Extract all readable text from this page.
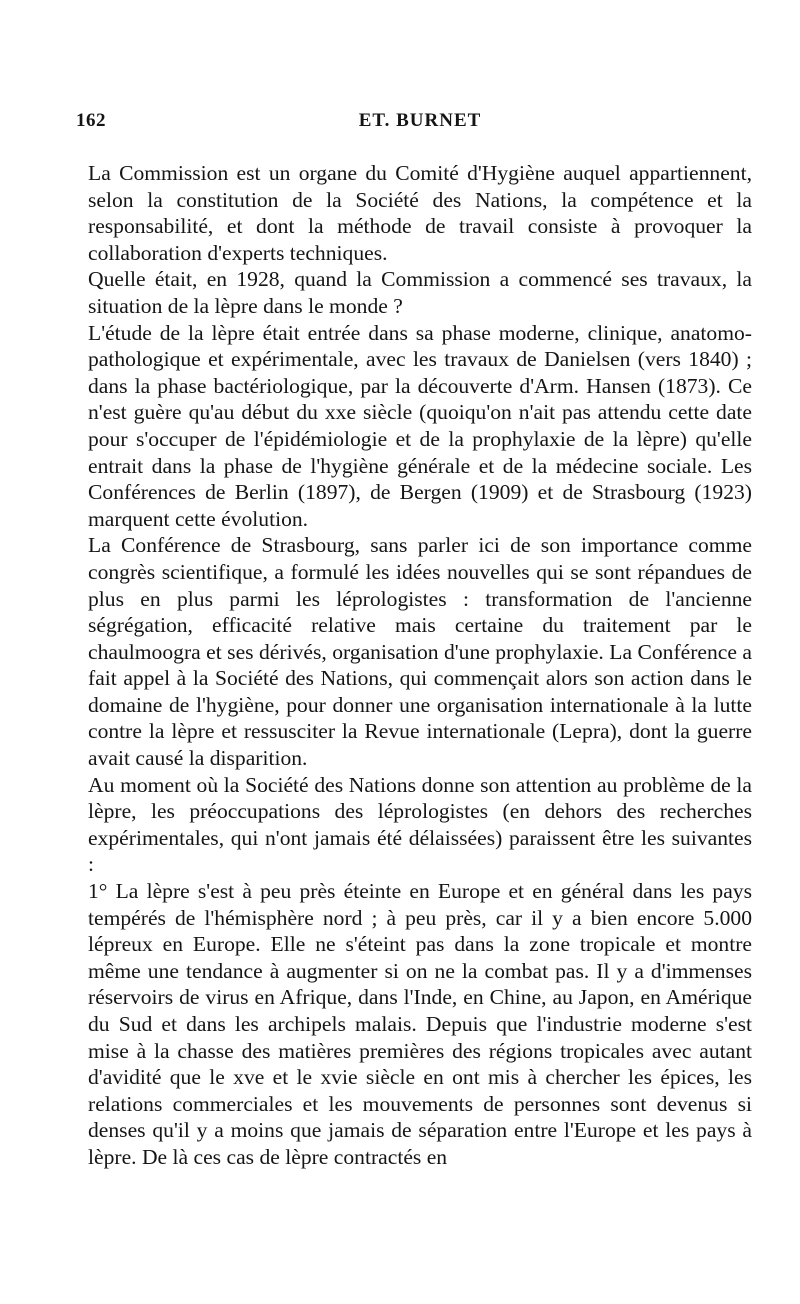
162	ET. BURNET

La Commission est un organe du Comité d'Hygiène auquel appartiennent, selon la constitution de la Société des Nations, la compétence et la responsabilité, et dont la méthode de travail consiste à provoquer la collaboration d'experts techniques.

Quelle était, en 1928, quand la Commission a commencé ses travaux, la situation de la lèpre dans le monde ?

L'étude de la lèpre était entrée dans sa phase moderne, clinique, anatomo-pathologique et expérimentale, avec les travaux de Danielsen (vers 1840) ; dans la phase bactériologique, par la découverte d'Arm. Hansen (1873). Ce n'est guère qu'au début du xxe siècle (quoiqu'on n'ait pas attendu cette date pour s'occuper de l'épidémiologie et de la prophylaxie de la lèpre) qu'elle entrait dans la phase de l'hygiène générale et de la médecine sociale. Les Conférences de Berlin (1897), de Bergen (1909) et de Strasbourg (1923) marquent cette évolution.

La Conférence de Strasbourg, sans parler ici de son importance comme congrès scientifique, a formulé les idées nouvelles qui se sont répandues de plus en plus parmi les léprologistes : transformation de l'ancienne ségrégation, efficacité relative mais certaine du traitement par le chaulmoogra et ses dérivés, organisation d'une prophylaxie. La Conférence a fait appel à la Société des Nations, qui commençait alors son action dans le domaine de l'hygiène, pour donner une organisation internationale à la lutte contre la lèpre et ressusciter la Revue internationale (Lepra), dont la guerre avait causé la disparition.

Au moment où la Société des Nations donne son attention au problème de la lèpre, les préoccupations des léprologistes (en dehors des recherches expérimentales, qui n'ont jamais été délaissées) paraissent être les suivantes :

1° La lèpre s'est à peu près éteinte en Europe et en général dans les pays tempérés de l'hémisphère nord ; à peu près, car il y a bien encore 5.000 lépreux en Europe. Elle ne s'éteint pas dans la zone tropicale et montre même une tendance à augmenter si on ne la combat pas. Il y a d'immenses réservoirs de virus en Afrique, dans l'Inde, en Chine, au Japon, en Amérique du Sud et dans les archipels malais. Depuis que l'industrie moderne s'est mise à la chasse des matières premières des régions tropicales avec autant d'avidité que le xve et le xvie siècle en ont mis à chercher les épices, les relations commerciales et les mouvements de personnes sont devenus si denses qu'il y a moins que jamais de séparation entre l'Europe et les pays à lèpre. De là ces cas de lèpre contractés en
